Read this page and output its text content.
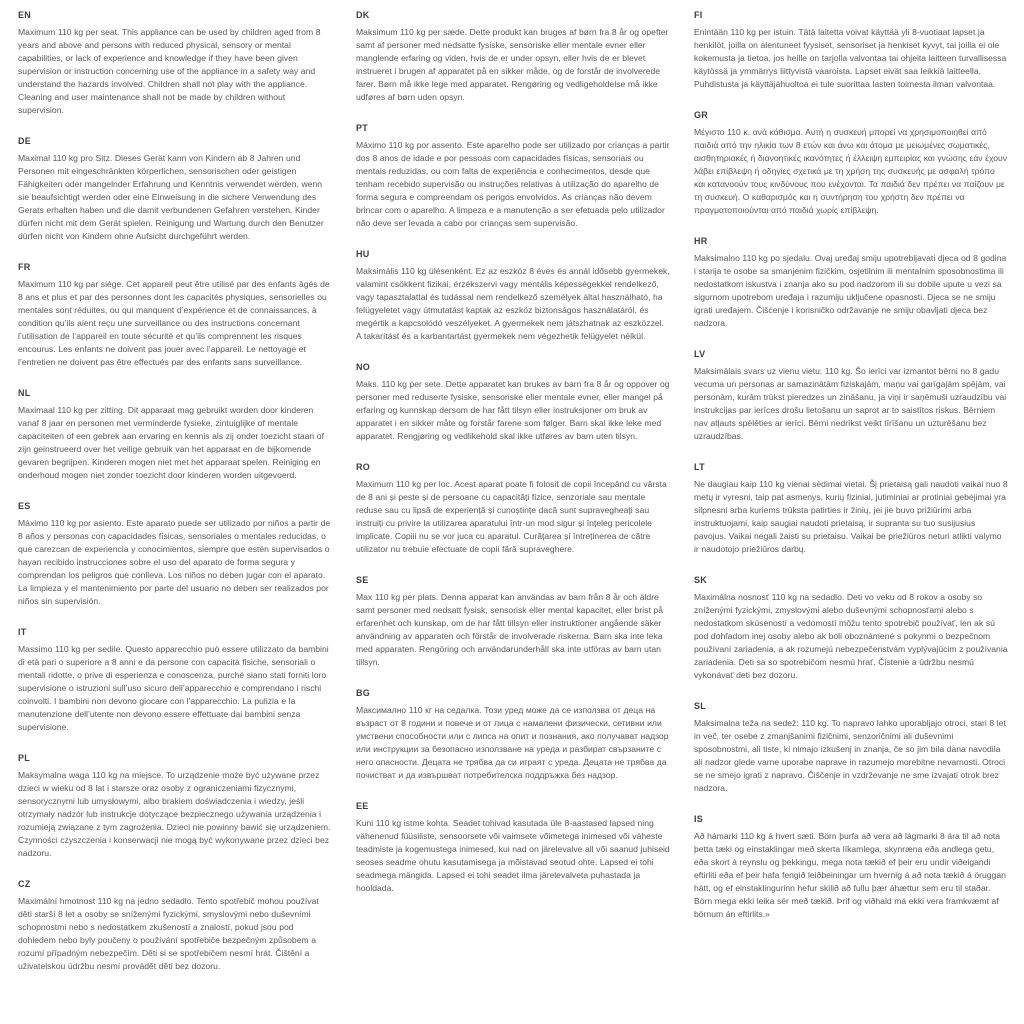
EN

Maximum 110 kg per seat. This appliance can be used by children aged from 8 years and above and persons with reduced physical, sensory or mental capabilities, or lack of experience and knowledge if they have been given supervision or instruction concerning use of the appliance in a safety way and understand the hazards involved. Children shall not play with the appliance. Cleaning and user maintenance shall not be made by children without supervision.

DE

Maximal 110 kg pro Sitz. Dieses Gerät kann von Kindern ab 8 Jahren und Personen mit eingeschränkten körperlichen, sensorischen oder geistigen Fähigkeiten oder mangelnder Erfahrung und Kenntnis verwendet werden, wenn sie beaufsichtigt werden oder eine Einweisung in die sichere Verwendung des Gerats erhalten haben und die damit verbundenen Gefahren verstehen. Kinder dürfen nicht mit dem Gerät spielen. Reinigung und Wartung durch den Benutzer dürfen nicht von Kindern ohne Aufsicht durchgeführt werden.

FR

Maximum 110 kg par siège. Cet appareil peut être utilisé par des enfants âgés de 8 ans et plus et par des personnes dont les capacités physiques, sensorielles ou mentales sont réduites, ou qui manquent d’expérience et de connaissances, à condition qu’ils aient reçu une surveillance ou des instructions concernant l’utilisation de l’appareil en toute sécurité et qu’ils comprennent les risques encourus. Les enfants ne doivent pas jouer avec l’appareil. Le nettoyage et l’entretien ne doivent pas être effectués par des enfants sans surveillance.

NL

Maximaal 110 kg per zitting. Dit apparaat mag gebruikt worden door kinderen vanaf 8 jaar en personen met verminderde fysieke, zintuiglijke of mentale capaciteiten of een gebrek aan ervaring en kennis als zij onder toezicht staan of zijn geinstrueerd over het veilige gebruik van het apparaat en de bijkomende gevaren begrijpen. Kinderen mogen niet met het apparaat spelen. Reiniging en onderhoud mogen niet zonder toezicht door kinderen worden uitgevoerd.

ES

Máximo 110 kg por asiento. Este aparato puede ser utilizado por niños a partir de 8 años y personas con capacidades físicas, sensoriales o mentales reducidas, o que carezcan de experiencia y conocimientos, siempre que estén supervisados o hayan recibido instrucciones sobre el uso del aparato de forma segura y comprendan los peligros que conlleva. Los niños no deben jugar con el aparato. La limpieza y el mantenimiento por parte del usuario no deben ser realizados por niños sin supervisión.

IT

Massimo 110 kg per sedile. Questo apparecchio può essere utilizzato da bambini di età pari o superiore a 8 anni e da persone con capacità fisiche, sensoriali o mentali ridotte, o prive di esperienza e conoscenza, purché siano stati forniti loro supervisione o istruzioni sull’uso sicuro dell’apparecchio e comprendano i rischi coinvolti. I bambini non devono giocare con l’apparecchio. La pulizia e la manutenzione dell’utente non devono essere effettuate dai bambini senza supervisione.

PL

Maksymalna waga 110 kg na miejsce. To urządzenie może być używane przez dzieci w wieku od 8 lat i starsze oraz osoby z ograniczeniami fizycznymi, sensorycznymi lub umysłowymi, albo brakiem doświadczenia i wiedzy, jeśli otrzymały nadzór lub instrukcje dotyczące bezpiecznego używania urządzenia i rozumieją związane z tym zagrożenia. Dzieci nie powinny bawić się urządzeniem. Czynności czyszczenia i konserwacji nie mogą być wykonywane przez dzieci bez nadzoru.

CZ

Maximální hmotnost 110 kg na jedno sedadlo. Tento spotřebič mohou používat děti starší 8 let a osoby se sníženými fyzickými, smyslovými nebo duševními schopnostmi nebo s nedostatkem zkušeností a znalostí, pokud jsou pod dohledem nebo byly poučeny o používání spotřebiče bezpečným způsobem a rozumí případným nebezpečím. Děti si se spotřebičem nesmí hrát. Čištění a uživatelskou údržbu nesmí provádět děti bez dozoru.

DK

Maksimum 110 kg per sæde. Dette produkt kan bruges af børn fra 8 år og opefter samt af personer med nedsatte fysiske, sensoriske eller mentale evner eller manglende erfaring og viden, hvis de er under opsyn, eller hvis de er blevet instrueret i brugen af apparatet på en sikker måde, og de forstår de involverede farer. Børn må ikke lege med apparatet. Rengøring og vedligeholdelse må ikke udføres af børn uden opsyn.

PT

Máximo 110 kg por assento. Este aparelho pode ser utilizado por crianças a partir dos 8 anos de idade e por pessoas com capacidades físicas, sensoriais ou mentais reduzidas, ou com falta de experiência e conhecimentos, desde que tenham recebido supervisão ou instruções relativas à utilização do aparelho de forma segura e compreendam os perigos envolvidos. As crianças não devem brincar com o aparelho. A limpeza e a manutenção a ser efetuada pelo utilizador não deve ser levada a cabo por crianças sem supervisão.

HU

Maksimális 110 kg ülésenként. Ez az eszköz 8 éves és annál idősebb gyermekek, valamint csökkent fizikai, érzékszervi vagy mentális képességekkel rendelkező, vagy tapasztalattal és tudással nem rendelkező személyek által használható, ha felügyeletet vagy útmutatást kaptak az eszköz biztonságos használatáról, és megértik a kapcsolódó veszélyeket. A gyermekek nem játszhatnak az eszközzel. A takarítást és a karbantartást gyermekek nem végezhetik felügyelet nélkül.

NO

Maks. 110 kg per sete. Dette apparatet kan brukes av barn fra 8 år og oppover og personer med reduserte fysiske, sensoriske eller mentale evner, eller mangel på erfaring og kunnskap dersom de har fått tilsyn eller instruksjoner om bruk av apparatet i en sikker måte og forstår farene som følger. Barn skal ikke leke med apparatet. Rengjøring og vedlikehold skal ikke utføres av barn uten tilsyn.

RO

Maximum 110 kg per loc. Acest aparat poate fi folosit de copii începând cu vârsta de 8 ani și peste și de persoane cu capacități fizice, senzoriale sau mentale reduse sau cu lipsă de experiență și cunoștințe dacă sunt supravegheați sau instruiți cu privire la utilizarea aparatului într-un mod sigur și înțeleg pericolele implicate. Copiii nu se vor juca cu aparatul. Curățarea și întreținerea de către utilizator nu trebuie efectuate de copii fără supraveghere.

SE

Max 110 kg per plats. Denna apparat kan användas av barn från 8 år och äldre samt personer med nedsatt fysisk, sensorisk eller mental kapacitet, eller brist på erfarenhet och kunskap, om de har fått tillsyn eller instruktioner angående säker användning av apparaten och förstår de involverade riskerna. Barn ska inte leka med apparaten. Rengöring och användarunderhåll ska inte utföras av barn utan tillsyn.

BG

Максимално 110 кг на седалка. Този уред може да се използва от деца на възраст от 8 години и повече и от лица с намалени физически, сетивни или умствени способности или с липса на опит и познания, ако получават надзор или инструкции за безопасно използване на уреда и разбират свързаните с него опасности. Децата не трябва да си играят с уреда. Децата не трябва да почистват и да извършват потребителска поддръжка без надзор.

EE

Kuni 110 kg istme kohta. Seadet tohivad kasutada üle 8-aastased lapsed ning vähenenud füüsiliste, sensoorsete või vaimsete võimetega inimesed või väheste teadmiste ja kogemustega inimesed, kui nad on järelevalve all või saanud juhiseid seoses seadme ohutu kasutamisega ja mõistavad seotud ohte. Lapsed ei tohi seadmega mängida. Lapsed ei tohi seadet ilma järelevalveta puhastada ja hooldada.

FI

Enintään 110 kg per istuin. Tätä laitetta voivat käyttää yli 8-vuotiaat lapset ja henkilöt, joilla on alentuneet fyysiset, sensoriset ja henkiset kyvyt, tai joilla ei ole kokemusta ja tietoa, jos heille on tarjolla valvontaa tai ohjeita laitteen turvallisessa käytössä ja ymmärrys liittyvistä vaaroista. Lapset eivät saa leikkiä laitteella. Puhdistusta ja käyttäjähuoltoa ei tule suorittaa lasten toimesta ilman valvontaa.

GR

Μέγιστο 110 κ. ανά κάθισμα. Αυτή η συσκευή μπορεί να χρησιμοποιηθεί από παιδιά από την ηλικία των 8 ετών και άνω και άτομα με μειωμένες σωματικές, αισθητηριακές ή διανοητικές ικανότητες ή έλλειψη εμπειρίας και γνώσης εάν έχουν λάβει επίβλεψη ή οδηγίες σχετικά με τη χρήση της συσκευής με ασφαλή τρόπο και κατανοούν τους κινδύνους που ενέχονται. Τα παιδιά δεν πρέπει να παίζουν με τη συσκευή. Ο καθαρισμός και η συντήρηση του χρήστη δεν πρέπει να πραγματοποιούνται από παιδιά χωρίς επίβλεψη.

HR

Maksimalno 110 kg po sjedalu. Ovaj uređaj smiju upotrebljavati djeca od 8 godina i starija te osobe sa smanjenim fizičkim, osjetilnim ili mentalnim sposobnostima ili nedostatkom iskustva i znanja ako su pod nadzorom ili su dobile upute u vezi sa sigurnom upotrebom uređaja i razumiju uključene opasnosti. Djeca se ne smiju igrati uređajem. Čišćenje i korisničko održavanje ne smiju obavljati djeca bez nadzora.

LV

Maksimālais svars uz vienu vietu: 110 kg. Šo ierīci var izmantot bērni no 8 gadu vecuma un personas ar samazinātām fiziskajām, maņu vai garīgajām spējām, vai personām, kurām trūkst pieredzes un zināšanu, ja viņi ir saņēmuši uzraudzību vai instrukcijas par ierīces drošu lietošanu un saprot ar to saistītos riskus. Bērniem nav atļauts spēlēties ar ierīci. Bērni nedrīkst veikt tīrīšanu un uzturēšanu bez uzraudzības.

LT

Ne daugiau kaip 110 kg vienai sėdimai vietai. Šį prietaisą gali naudoti vaikai nuo 8 metų ir vyresni, taip pat asmenys, kurių fiziniai, jutiminiai ar protiniai gebėjimai yra silpnesni arba kuriems trūksta patirties ir žinių, jei jie buvo prižiūrimi arba instruktuojami, kaip saugiai naudoti prietaisą, ir supranta su tuo susijusius pavojus. Vaikai negali žaisti su prietaisu. Vaikai be priežiūros neturi atlikti valymo ir naudotojo priežiūros darbų.

SK

Maximálna nosnosť 110 kg na sedadlo. Deti vo veku od 8 rokov a osoby so zníženými fyzickými, zmyslovými alebo duševnými schopnosťami alebo s nedostatkom skúseností a vedomostí môžu tento spotrebič používať, len ak sú pod dohľadom inej osoby alebo ak boli oboznámené s pokynmi o bezpečnom používaní zariadenia, a ak rozumejú nebezpečenstvám vyplývajúcim z používania zariadenia. Deti sa so spotrebičom nesmú hrať. Čistenie a údržbu nesmú vykonávať deti bez dozoru.

SL

Maksimalna teža na sedež: 110 kg. To napravo lahko uporabljajo otroci, stari 8 let in več, ter osebe z zmanjšanimi fizičnimi, senzoričnimi ali duševnimi sposobnostmi, ali tiste, ki nimajo izkušenj in znanja, če so jim bila dana navodila ali nadzor glede varne uporabe naprave in razumejo morebitne nevarnosti. Otroci se ne smejo igrati z napravo. Čiščenje in vzdrževanje ne sme izvajati otrok brez nadzora.

IS

Að hámarki 110 kg á hvert sæti. Börn þurfa að vera að lágmarki 8 ára til að nota þetta tæki og einstaklingar með skerta líkamlega, skynræna eða andlega getu, eða skort á reynslu og þekkingu, mega nota tækið ef þeir eru undir viðeigandi eftirliti eða ef þeir hafa fengið leiðbeiningar um hvernig á að nota tækið á öruggan hátt, og ef einstaklingurinn hefur skilið að fullu þær áhættur sem eru til staðar. Börn mega ekki leika sér með tækið. Þrif og viðhald má ekki vera framkvæmt af börnum án eftirlits.»
